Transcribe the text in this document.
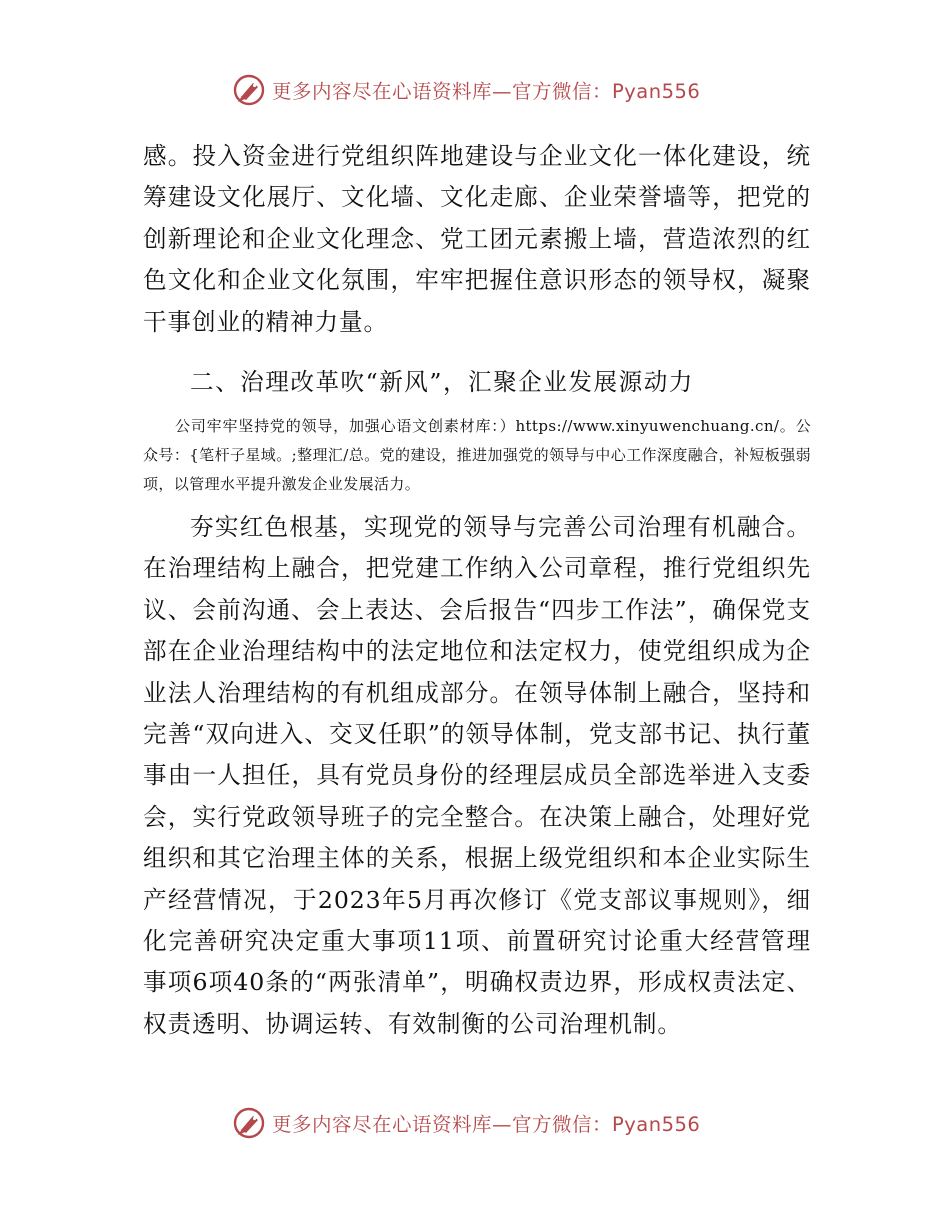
更多内容尽在心语资料库—官方微信：Pyan556

感。投入资金进行党组织阵地建设与企业文化一体化建设，统筹建设文化展厅、文化墙、文化走廊、企业荣誉墙等，把党的创新理论和企业文化理念、党工团元素搬上墙，营造浓烈的红色文化和企业文化氛围，牢牢把握住意识形态的领导权，凝聚干事创业的精神力量。

二、治理改革吹“新风”，汇聚企业发展源动力

公司牢牢坚持党的领导，加强心语文创素材库：）https://www.xinyuwenchuang.cn/。公众号：{笔杆子星域。;整理汇/总。党的建设，推进加强党的领导与中心工作深度融合，补短板强弱项，以管理水平提升激发企业发展活力。

夯实红色根基，实现党的领导与完善公司治理有机融合。在治理结构上融合，把党建工作纳入公司章程，推行党组织先议、会前沟通、会上表达、会后报告“四步工作法”，确保党支部在企业治理结构中的法定地位和法定权力，使党组织成为企业法人治理结构的有机组成部分。在领导体制上融合，坚持和完善“双向进入、交叉任职”的领导体制，党支部书记、执行董事由一人担任，具有党员身份的经理层成员全部选举进入支委会，实行党政领导班子的完全整合。在决策上融合，处理好党组织和其它治理主体的关系，根据上级党组织和本企业实际生产经营情况，于2023年5月再次修订《党支部议事规则》，细化完善研究决定重大事项11项、前置研究讨论重大经营管理事项6项40条的“两张清单”，明确权责边界，形成权责法定、权责透明、协调运转、有效制衡的公司治理机制。

更多内容尽在心语资料库—官方微信：Pyan556
